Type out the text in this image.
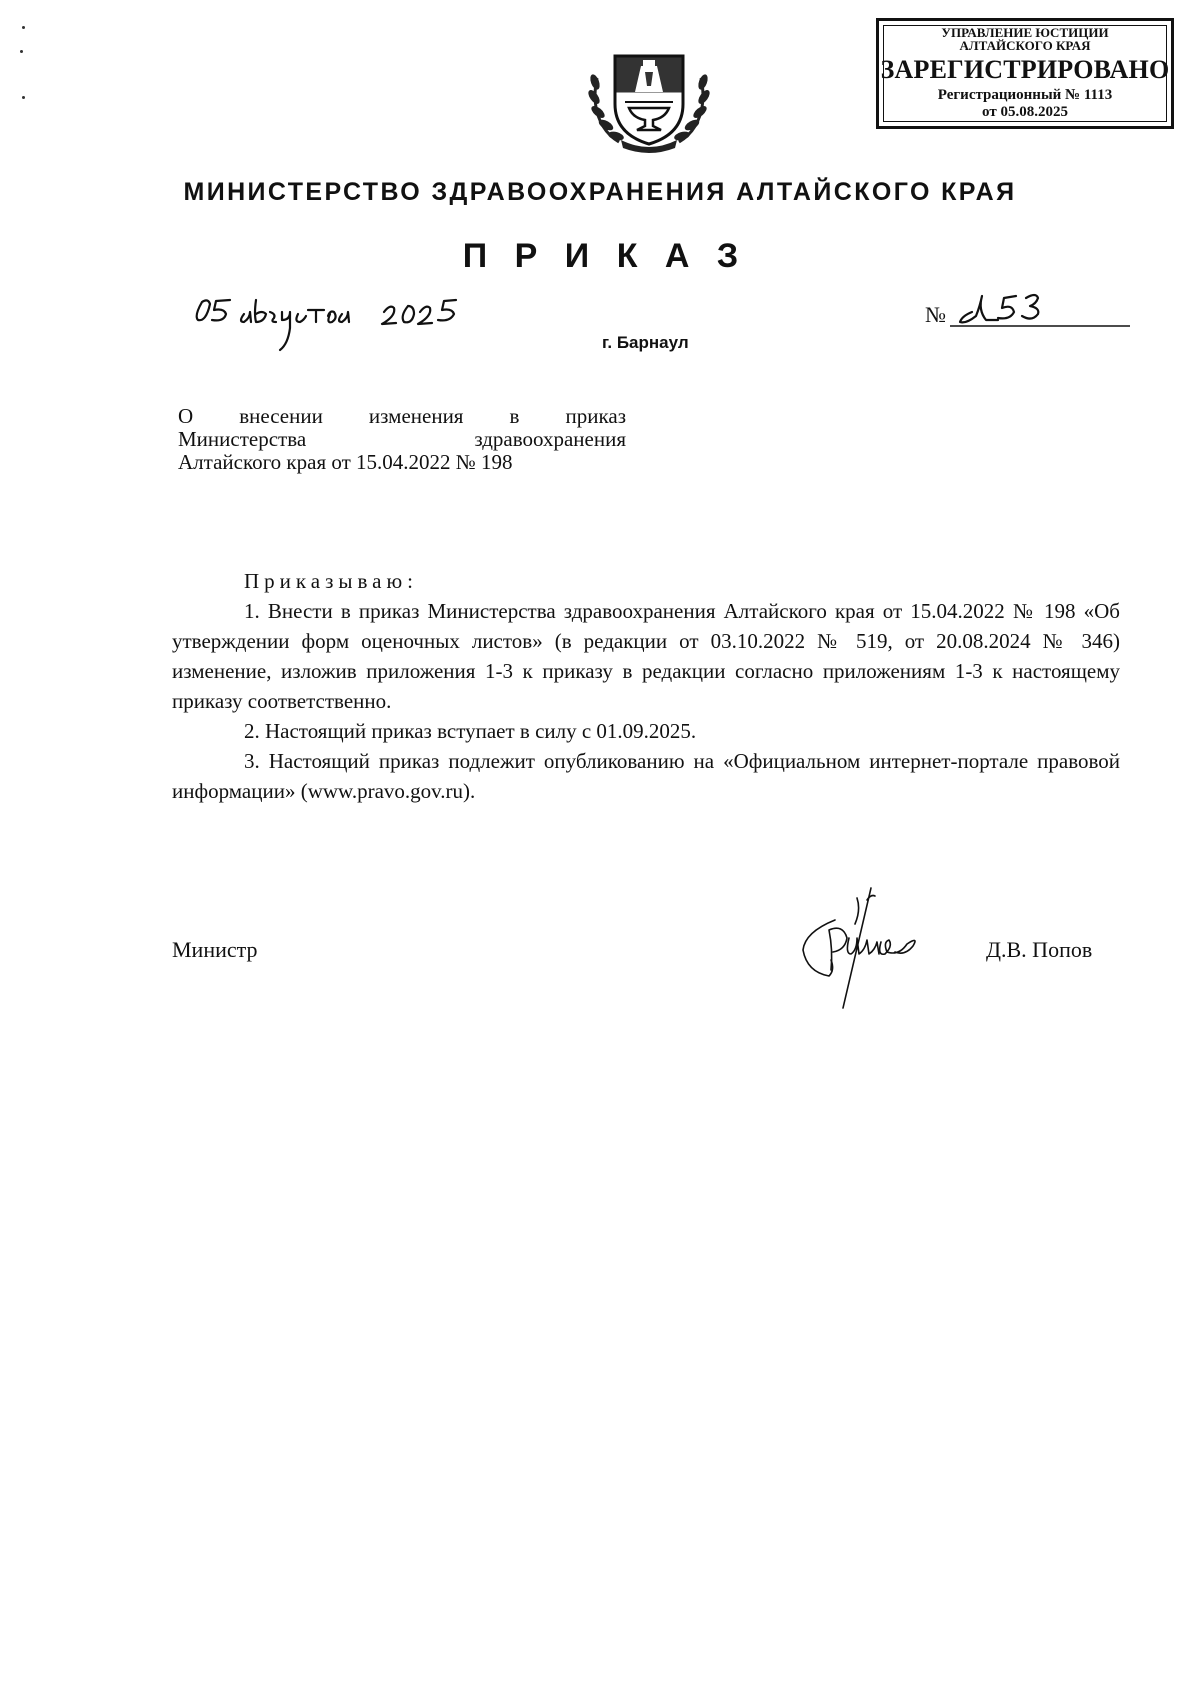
УПРАВЛЕНИЕ ЮСТИЦИИ АЛТАЙСКОГО КРАЯ
ЗАРЕГИСТРИРОВАНО
Регистрационный № 1113
от 05.08.2025
МИНИСТЕРСТВО ЗДРАВООХРАНЕНИЯ АЛТАЙСКОГО КРАЯ
П Р И К А З
г. Барнаул
№
О внесении изменения в приказ
Министерства	здравоохранения
Алтайского края от 15.04.2022 № 198

Приказываю:

1. Внести в приказ Министерства здравоохранения Алтайского края от 15.04.2022 № 198 «Об утверждении форм оценочных листов» (в редакции от 03.10.2022 № 519, от 20.08.2024 № 346) изменение, изложив приложения 1-3 к приказу в редакции согласно приложениям 1-3 к настоящему приказу соответственно.

2. Настоящий приказ вступает в силу с 01.09.2025.

3. Настоящий приказ подлежит опубликованию на «Официальном интернет-портале правовой информации» (www.pravo.gov.ru).

Министр	Д.В. Попов
